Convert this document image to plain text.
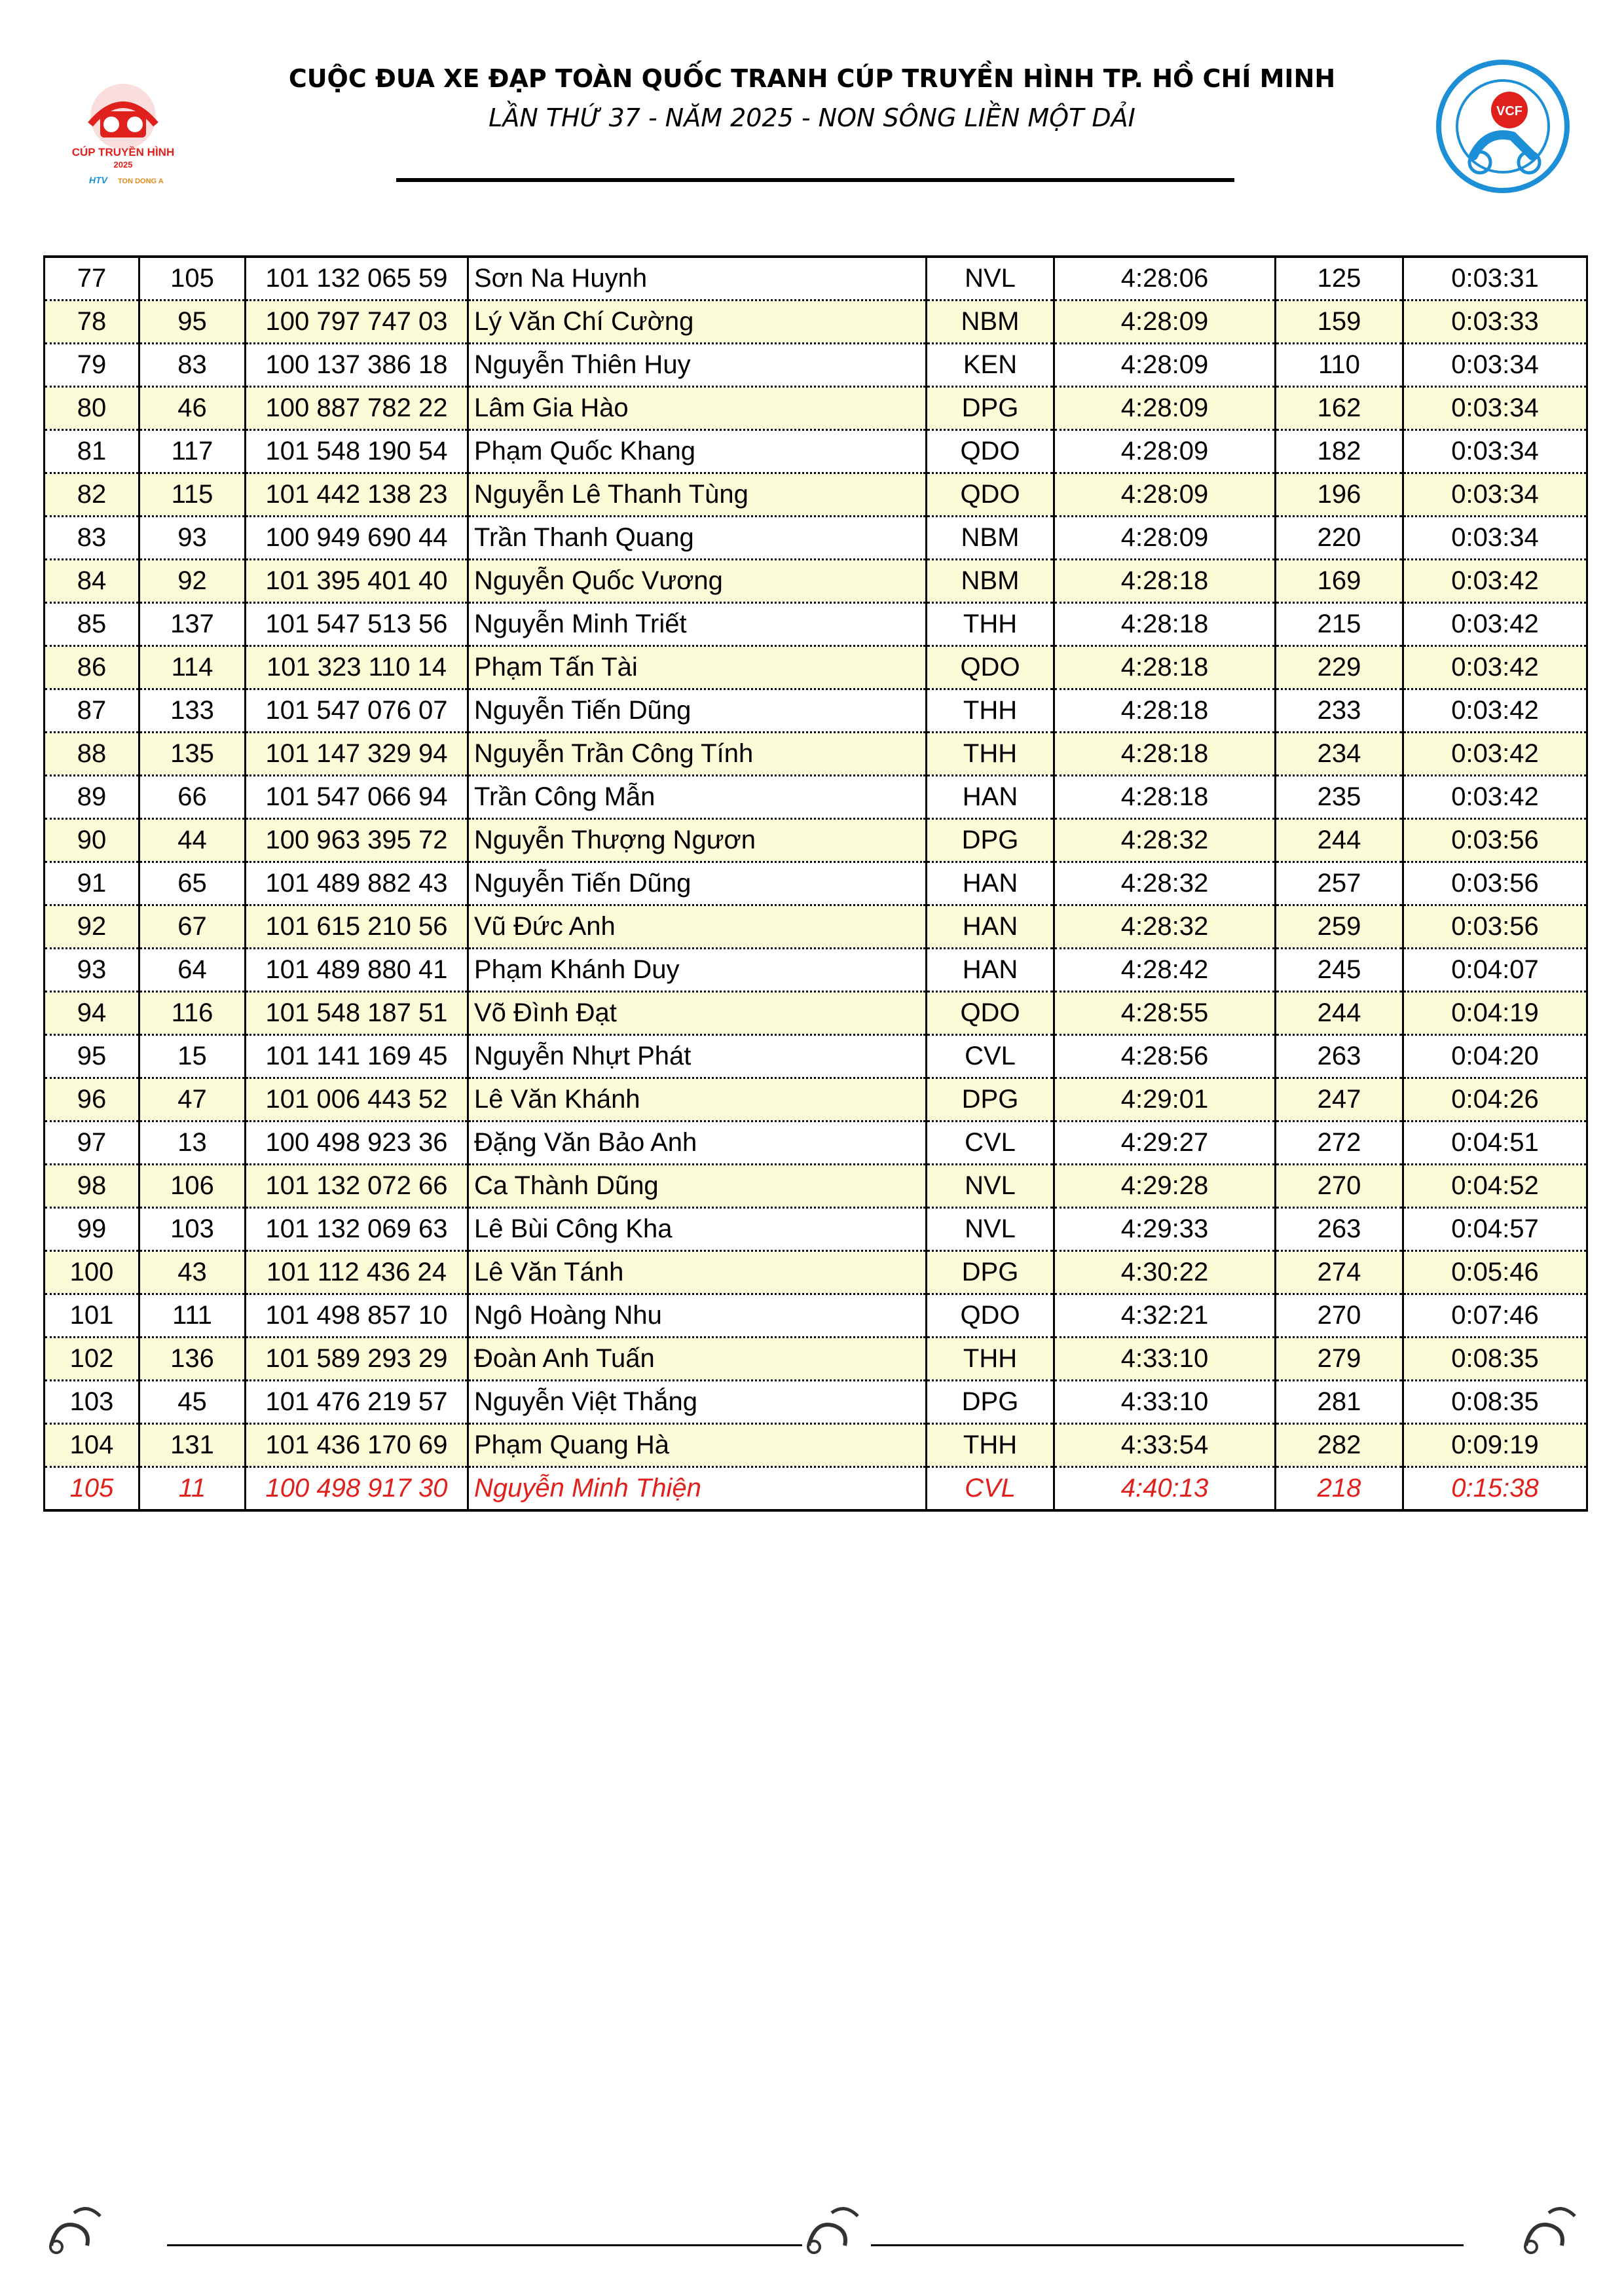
CÚP TRUYỀN HÌNH
2025
HTV TON DONG A
CUỘC ĐUA XE ĐẠP TOÀN QUỐC TRANH CÚP TRUYỀN HÌNH TP. HỒ CHÍ MINH
LẦN THỨ 37 - NĂM 2025 - NON SÔNG LIỀN MỘT DẢI	VCF
77	105	101 132 065 59	Sơn Na Huynh	NVL	4:28:06	125	0:03:31
78	95	100 797 747 03	Lý Văn Chí Cường	NBM	4:28:09	159	0:03:33
79	83	100 137 386 18	Nguyễn Thiên Huy	KEN	4:28:09	110	0:03:34
80	46	100 887 782 22	Lâm Gia Hào	DPG	4:28:09	162	0:03:34
81	117	101 548 190 54	Phạm Quốc Khang	QDO	4:28:09	182	0:03:34
82	115	101 442 138 23	Nguyễn Lê Thanh Tùng	QDO	4:28:09	196	0:03:34
83	93	100 949 690 44	Trần Thanh Quang	NBM	4:28:09	220	0:03:34
84	92	101 395 401 40	Nguyễn Quốc Vương	NBM	4:28:18	169	0:03:42
85	137	101 547 513 56	Nguyễn Minh Triết	THH	4:28:18	215	0:03:42
86	114	101 323 110 14	Phạm Tấn Tài	QDO	4:28:18	229	0:03:42
87	133	101 547 076 07	Nguyễn Tiến Dũng	THH	4:28:18	233	0:03:42
88	135	101 147 329 94	Nguyễn Trần Công Tính	THH	4:28:18	234	0:03:42
89	66	101 547 066 94	Trần Công Mẫn	HAN	4:28:18	235	0:03:42
90	44	100 963 395 72	Nguyễn Thượng Ngươn	DPG	4:28:32	244	0:03:56
91	65	101 489 882 43	Nguyễn Tiến Dũng	HAN	4:28:32	257	0:03:56
92	67	101 615 210 56	Vũ Đức Anh	HAN	4:28:32	259	0:03:56
93	64	101 489 880 41	Phạm Khánh Duy	HAN	4:28:42	245	0:04:07
94	116	101 548 187 51	Võ Đình Đạt	QDO	4:28:55	244	0:04:19
95	15	101 141 169 45	Nguyễn Nhựt Phát	CVL	4:28:56	263	0:04:20
96	47	101 006 443 52	Lê Văn Khánh	DPG	4:29:01	247	0:04:26
97	13	100 498 923 36	Đặng Văn Bảo Anh	CVL	4:29:27	272	0:04:51
98	106	101 132 072 66	Ca Thành Dũng	NVL	4:29:28	270	0:04:52
99	103	101 132 069 63	Lê Bùi Công Kha	NVL	4:29:33	263	0:04:57
100	43	101 112 436 24	Lê Văn Tánh	DPG	4:30:22	274	0:05:46
101	111	101 498 857 10	Ngô Hoàng Nhu	QDO	4:32:21	270	0:07:46
102	136	101 589 293 29	Đoàn Anh Tuấn	THH	4:33:10	279	0:08:35
103	45	101 476 219 57	Nguyễn Việt Thắng	DPG	4:33:10	281	0:08:35
104	131	101 436 170 69	Phạm Quang Hà	THH	4:33:54	282	0:09:19
105	11	100 498 917 30	Nguyễn Minh Thiện	CVL	4:40:13	218	0:15:38
